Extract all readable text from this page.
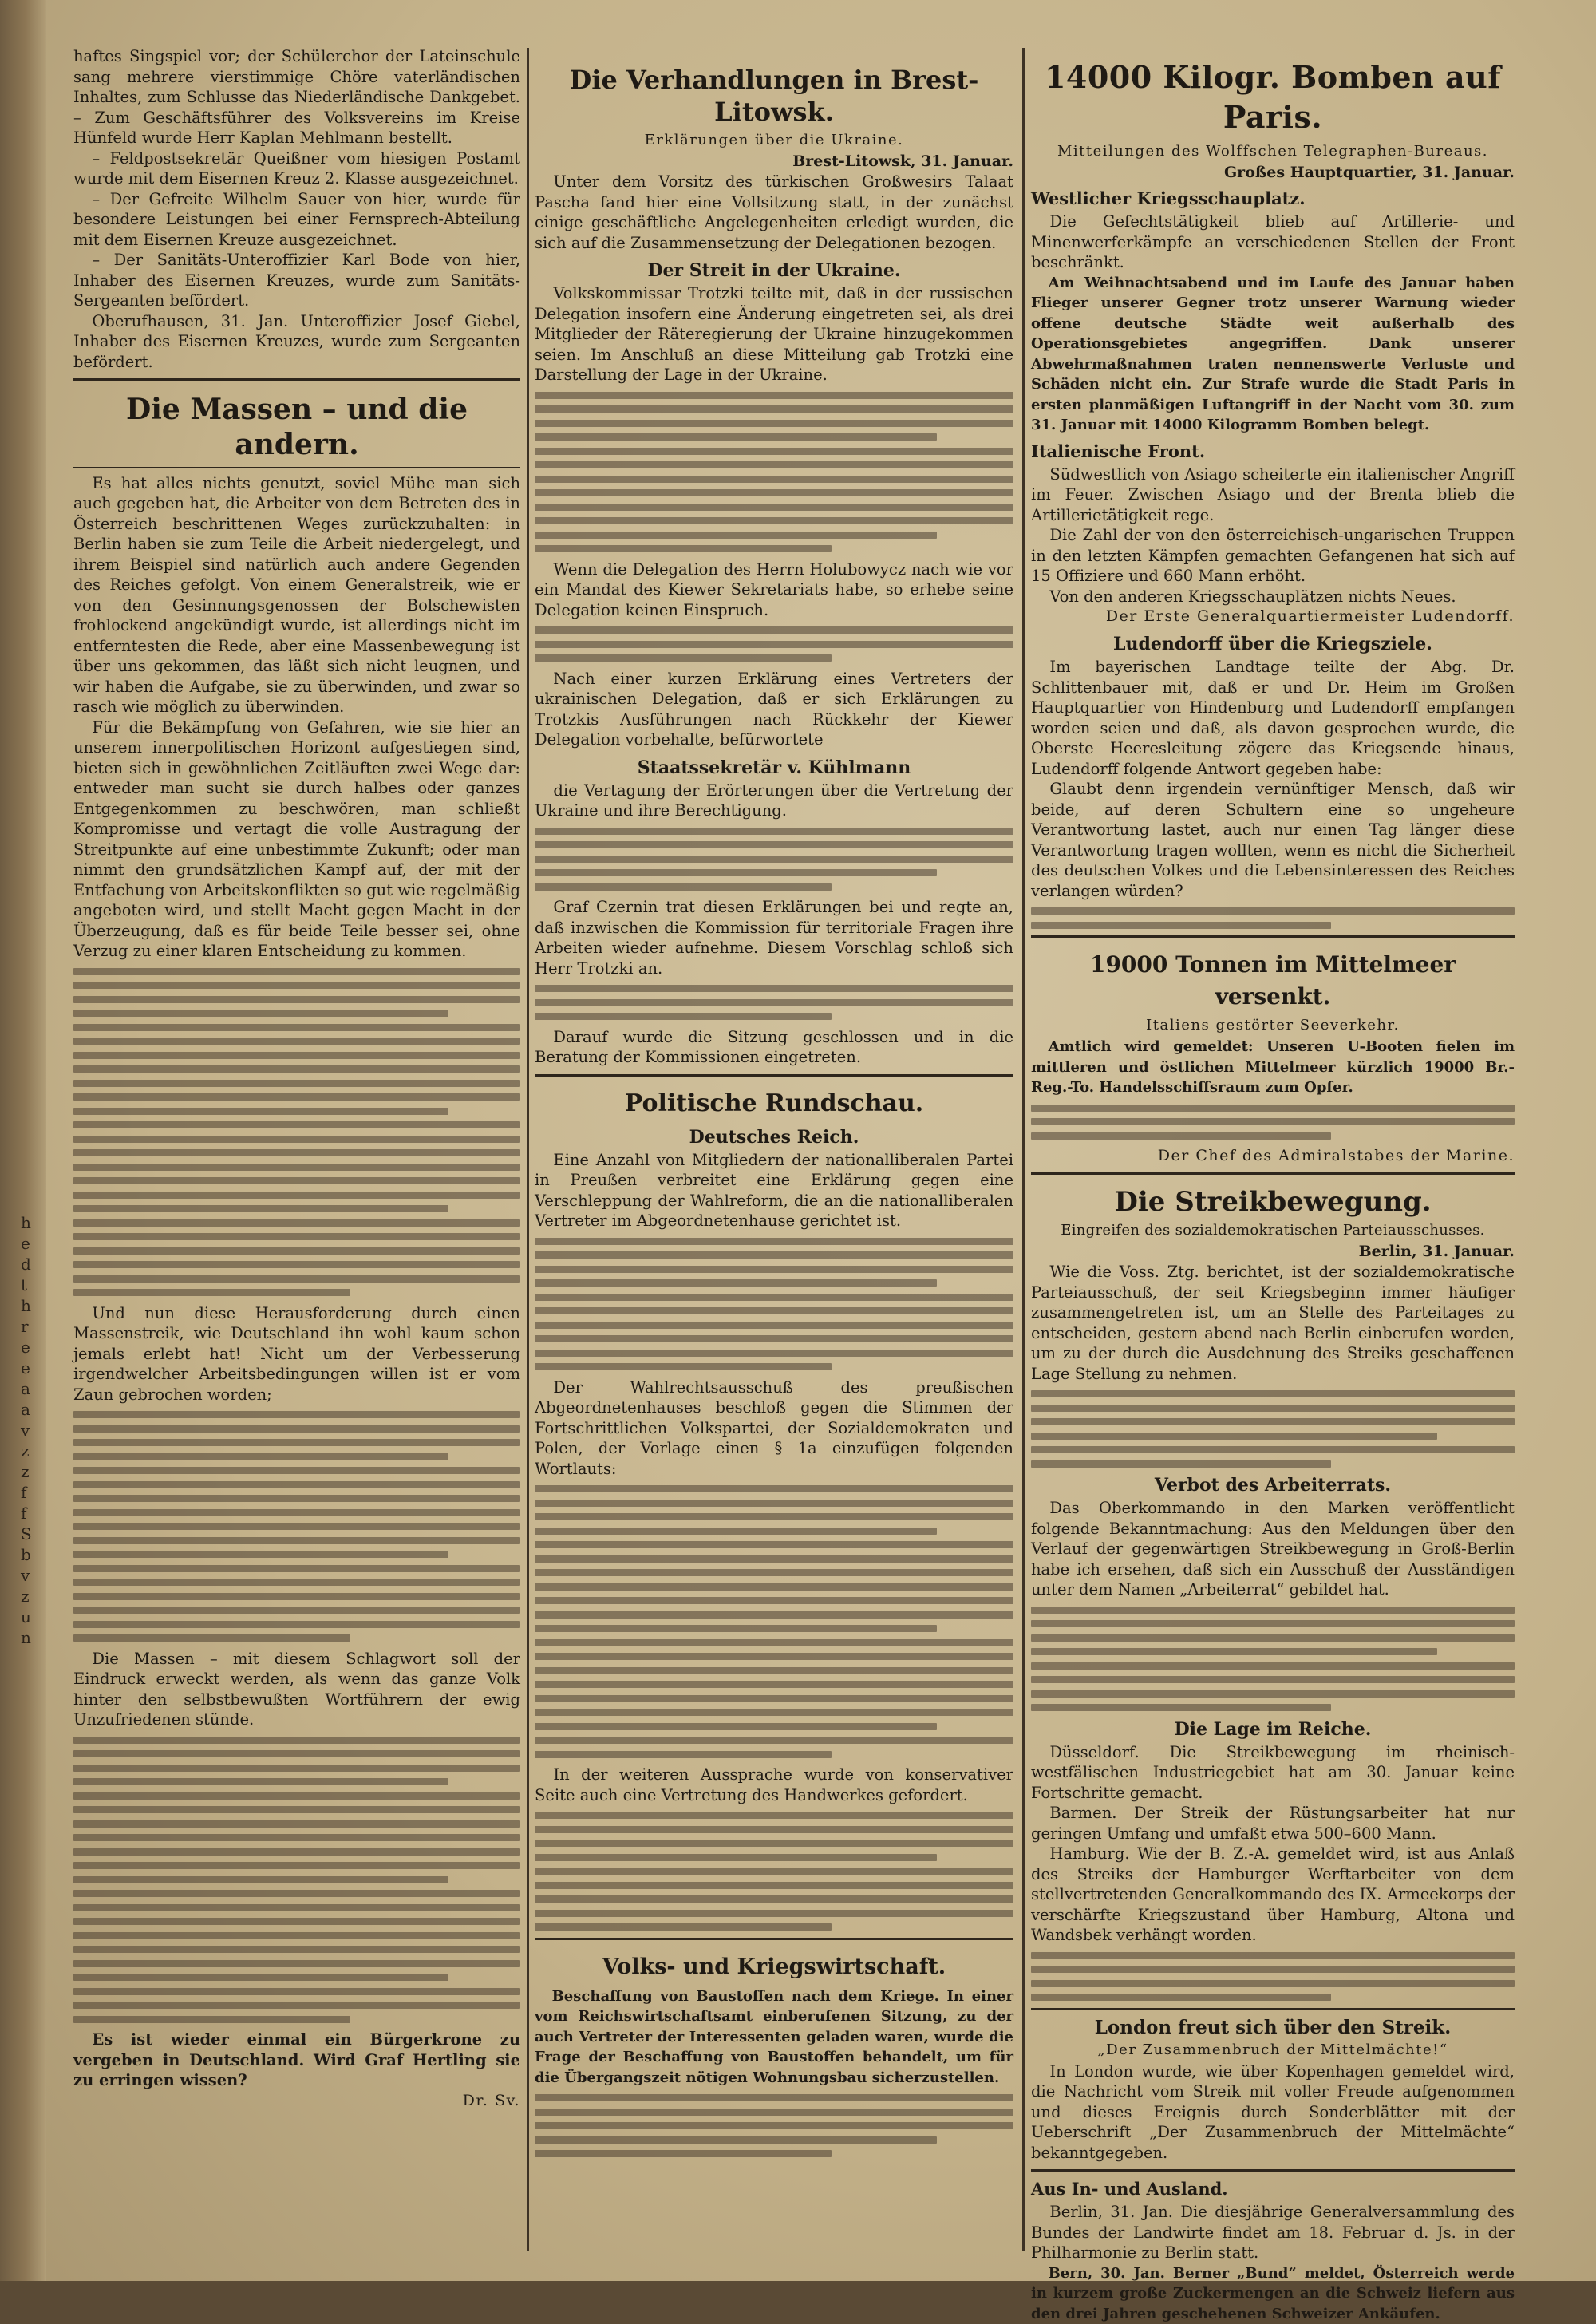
h
e
d
t
h
r
e
e
a
a
v
z
z
f
f
S
b
v
z
u
n

haftes Singspiel vor; der Schülerchor der Lateinschule sang mehrere vierstimmige Chöre vaterländischen Inhaltes, zum Schlusse das Niederländische Dankgebet. – Zum Geschäftsführer des Volksvereins im Kreise Hünfeld wurde Herr Kaplan Mehlmann bestellt.

– Feldpostsekretär Queißner vom hiesigen Postamt wurde mit dem Eisernen Kreuz 2. Klasse ausgezeichnet.

– Der Gefreite Wilhelm Sauer von hier, wurde für besondere Leistungen bei einer Fernsprech-Abteilung mit dem Eisernen Kreuze ausgezeichnet.

– Der Sanitäts-Unteroffizier Karl Bode von hier, Inhaber des Eisernen Kreuzes, wurde zum Sanitäts-Sergeanten befördert.

Oberufhausen, 31. Jan. Unteroffizier Josef Giebel, Inhaber des Eisernen Kreuzes, wurde zum Sergeanten befördert.

Die Massen – und die andern.

Es hat alles nichts genutzt, soviel Mühe man sich auch gegeben hat, die Arbeiter von dem Betreten des in Österreich beschrittenen Weges zurückzuhalten: in Berlin haben sie zum Teile die Arbeit niedergelegt, und ihrem Beispiel sind natürlich auch andere Gegenden des Reiches gefolgt. Von einem Generalstreik, wie er von den Gesinnungsgenossen der Bolschewisten frohlockend angekündigt wurde, ist allerdings nicht im entferntesten die Rede, aber eine Massenbewegung ist über uns gekommen, das läßt sich nicht leugnen, und wir haben die Aufgabe, sie zu überwinden, und zwar so rasch wie möglich zu überwinden.

Für die Bekämpfung von Gefahren, wie sie hier an unserem innerpolitischen Horizont aufgestiegen sind, bieten sich in gewöhnlichen Zeitläuften zwei Wege dar: entweder man sucht sie durch halbes oder ganzes Entgegenkommen zu beschwören, man schließt Kompromisse und vertagt die volle Austragung der Streitpunkte auf eine unbestimmte Zukunft; oder man nimmt den grundsätzlichen Kampf auf, der mit der Entfachung von Arbeitskonflikten so gut wie regelmäßig angeboten wird, und stellt Macht gegen Macht in der Überzeugung, daß es für beide Teile besser sei, ohne Verzug zu einer klaren Entscheidung zu kommen.

Und nun diese Herausforderung durch einen Massenstreik, wie Deutschland ihn wohl kaum schon jemals erlebt hat! Nicht um der Verbesserung irgendwelcher Arbeitsbedingungen willen ist er vom Zaun gebrochen worden;

Die Massen – mit diesem Schlagwort soll der Eindruck erweckt werden, als wenn das ganze Volk hinter den selbstbewußten Wortführern der ewig Unzufriedenen stünde.

Es ist wieder einmal ein Bürgerkrone zu vergeben in Deutschland. Wird Graf Hertling sie zu erringen wissen?

Dr. Sv.
Die Verhandlungen in Brest-Litowsk.
Erklärungen über die Ukraine.
Brest-Litowsk, 31. Januar.

Unter dem Vorsitz des türkischen Großwesirs Talaat Pascha fand hier eine Vollsitzung statt, in der zunächst einige geschäftliche Angelegenheiten erledigt wurden, die sich auf die Zusammensetzung der Delegationen bezogen.

Der Streit in der Ukraine.

Volkskommissar Trotzki teilte mit, daß in der russischen Delegation insofern eine Änderung eingetreten sei, als drei Mitglieder der Räteregierung der Ukraine hinzugekommen seien. Im Anschluß an diese Mitteilung gab Trotzki eine Darstellung der Lage in der Ukraine.

Wenn die Delegation des Herrn Holubowycz nach wie vor ein Mandat des Kiewer Sekretariats habe, so erhebe seine Delegation keinen Einspruch.

Nach einer kurzen Erklärung eines Vertreters der ukrainischen Delegation, daß er sich Erklärungen zu Trotzkis Ausführungen nach Rückkehr der Kiewer Delegation vorbehalte, befürwortete

Staatssekretär v. Kühlmann

die Vertagung der Erörterungen über die Vertretung der Ukraine und ihre Berechtigung.

Graf Czernin trat diesen Erklärungen bei und regte an, daß inzwischen die Kommission für territoriale Fragen ihre Arbeiten wieder aufnehme. Diesem Vorschlag schloß sich Herr Trotzki an.

Darauf wurde die Sitzung geschlossen und in die Beratung der Kommissionen eingetreten.

Politische Rundschau.
Deutsches Reich.

Eine Anzahl von Mitgliedern der nationalliberalen Partei in Preußen verbreitet eine Erklärung gegen eine Verschleppung der Wahlreform, die an die nationalliberalen Vertreter im Abgeordnetenhause gerichtet ist.

Der Wahlrechtsausschuß des preußischen Abgeordnetenhauses beschloß gegen die Stimmen der Fortschrittlichen Volkspartei, der Sozialdemokraten und Polen, der Vorlage einen § 1a einzufügen folgenden Wortlauts:

In der weiteren Aussprache wurde von konservativer Seite auch eine Vertretung des Handwerkes gefordert.

Volks- und Kriegswirtschaft.

Beschaffung von Baustoffen nach dem Kriege. In einer vom Reichswirtschaftsamt einberufenen Sitzung, zu der auch Vertreter der Interessenten geladen waren, wurde die Frage der Beschaffung von Baustoffen behandelt, um für die Übergangszeit nötigen Wohnungsbau sicherzustellen.

14000 Kilogr. Bomben auf Paris.
Mitteilungen des Wolffschen Telegraphen-Bureaus.
Großes Hauptquartier, 31. Januar.
Westlicher Kriegsschauplatz.

Die Gefechtstätigkeit blieb auf Artillerie- und Minenwerferkämpfe an verschiedenen Stellen der Front beschränkt.

Am Weihnachtsabend und im Laufe des Januar haben Flieger unserer Gegner trotz unserer Warnung wieder offene deutsche Städte weit außerhalb des Operationsgebietes angegriffen. Dank unserer Abwehrmaßnahmen traten nennenswerte Verluste und Schäden nicht ein. Zur Strafe wurde die Stadt Paris in ersten planmäßigen Luftangriff in der Nacht vom 30. zum 31. Januar mit 14000 Kilogramm Bomben belegt.

Italienische Front.

Südwestlich von Asiago scheiterte ein italienischer Angriff im Feuer. Zwischen Asiago und der Brenta blieb die Artillerietätigkeit rege.

Die Zahl der von den österreichisch-ungarischen Truppen in den letzten Kämpfen gemachten Gefangenen hat sich auf 15 Offiziere und 660 Mann erhöht.

Von den anderen Kriegsschauplätzen nichts Neues.

Der Erste Generalquartiermeister Ludendorff.
Ludendorff über die Kriegsziele.

Im bayerischen Landtage teilte der Abg. Dr. Schlittenbauer mit, daß er und Dr. Heim im Großen Hauptquartier von Hindenburg und Ludendorff empfangen worden seien und daß, als davon gesprochen wurde, die Oberste Heeresleitung zögere das Kriegsende hinaus, Ludendorff folgende Antwort gegeben habe:

Glaubt denn irgendein vernünftiger Mensch, daß wir beide, auf deren Schultern eine so ungeheure Verantwortung lastet, auch nur einen Tag länger diese Verantwortung tragen wollten, wenn es nicht die Sicherheit des deutschen Volkes und die Lebensinteressen des Reiches verlangen würden?

19000 Tonnen im Mittelmeer versenkt.
Italiens gestörter Seeverkehr.

Amtlich wird gemeldet: Unseren U-Booten fielen im mittleren und östlichen Mittelmeer kürzlich 19000 Br.-Reg.-To. Handelsschiffsraum zum Opfer.

Der Chef des Admiralstabes der Marine.
Die Streikbewegung.
Eingreifen des sozialdemokratischen Parteiausschusses.
Berlin, 31. Januar.

Wie die Voss. Ztg. berichtet, ist der sozialdemokratische Parteiausschuß, der seit Kriegsbeginn immer häufiger zusammengetreten ist, um an Stelle des Parteitages zu entscheiden, gestern abend nach Berlin einberufen worden, um zu der durch die Ausdehnung des Streiks geschaffenen Lage Stellung zu nehmen.

Verbot des Arbeiterrats.

Das Oberkommando in den Marken veröffentlicht folgende Bekanntmachung: Aus den Meldungen über den Verlauf der gegenwärtigen Streikbewegung in Groß-Berlin habe ich ersehen, daß sich ein Ausschuß der Ausständigen unter dem Namen „Arbeiterrat“ gebildet hat.

Die Lage im Reiche.

Düsseldorf. Die Streikbewegung im rheinisch-westfälischen Industriegebiet hat am 30. Januar keine Fortschritte gemacht.

Barmen. Der Streik der Rüstungsarbeiter hat nur geringen Umfang und umfaßt etwa 500–600 Mann.

Hamburg. Wie der B. Z.-A. gemeldet wird, ist aus Anlaß des Streiks der Hamburger Werftarbeiter von dem stellvertretenden Generalkommando des IX. Armeekorps der verschärfte Kriegszustand über Hamburg, Altona und Wandsbek verhängt worden.

London freut sich über den Streik.
„Der Zusammenbruch der Mittelmächte!“

In London wurde, wie über Kopenhagen gemeldet wird, die Nachricht vom Streik mit voller Freude aufgenommen und dieses Ereignis durch Sonderblätter mit der Ueberschrift „Der Zusammenbruch der Mittelmächte“ bekanntgegeben.

Aus In- und Ausland.

Berlin, 31. Jan. Die diesjährige Generalversammlung des Bundes der Landwirte findet am 18. Februar d. Js. in der Philharmonie zu Berlin statt.

Bern, 30. Jan. Berner „Bund“ meldet, Österreich werde in kurzem große Zuckermengen an die Schweiz liefern aus den drei Jahren geschehenen Schweizer Ankäufen.
